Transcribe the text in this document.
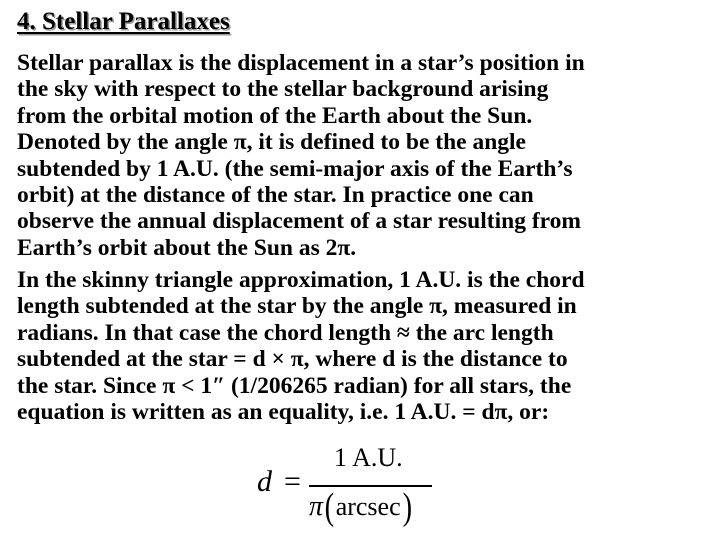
4. Stellar Parallaxes

Stellar parallax is the displacement in a star’s position in
the sky with respect to the stellar background arising
from the orbital motion of the Earth about the Sun.
Denoted by the angle π, it is defined to be the angle
subtended by 1 A.U. (the semi-major axis of the Earth’s
orbit) at the distance of the star. In practice one can
observe the annual displacement of a star resulting from
Earth’s orbit about the Sun as 2π.

In the skinny triangle approximation, 1 A.U. is the chord
length subtended at the star by the angle π, measured in
radians. In that case the chord length ≈ the arc length
subtended at the star = d × π, where d is the distance to
the star. Since π < 1″ (1/206265 radian) for all stars, the
equation is written as an equality, i.e. 1 A.U. = dπ, or:

d =
1 A.U.
π(arcsec)
